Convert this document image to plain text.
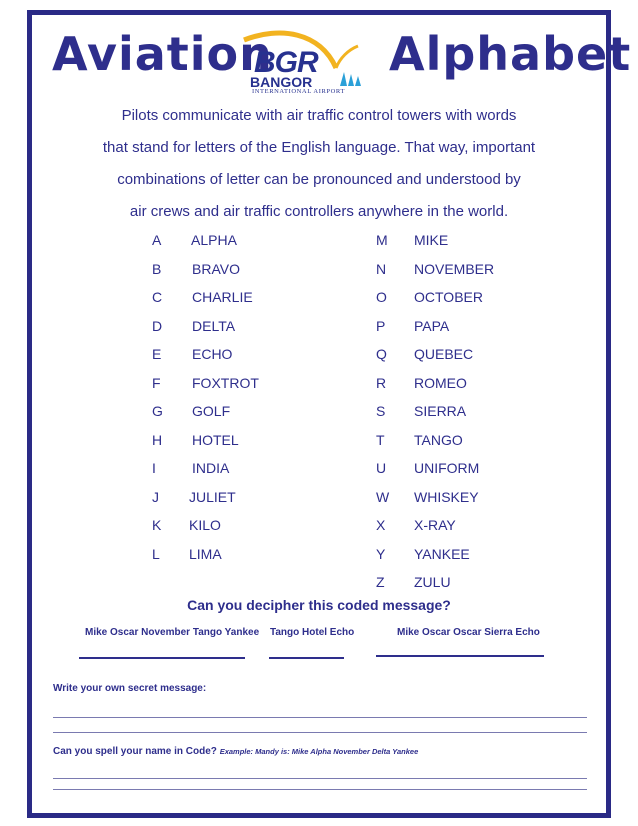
Aviation	Alphabet
BGR
BANGOR
INTERNATIONAL AIRPORT
Pilots communicate with air traffic control towers with words
that stand for letters of the English language. That way, important
combinations of letter can be pronounced and understood by
air crews and air traffic controllers anywhere in the world.
A ALPHA
B BRAVO
C CHARLIE
D DELTA
E ECHO
F FOXTROT
G GOLF
H HOTEL
I	INDIA
J JULIET
K KILO
L LIMA
M MIKE
N NOVEMBER
O OCTOBER
P PAPA
Q QUEBEC
R ROMEO
S SIERRA
T TANGO
U UNIFORM
W WHISKEY
X X-RAY
Y YANKEE
Z ZULU
Can you decipher this coded message?
Mike Oscar November Tango Yankee Tango Hotel Echo	Mike Oscar Oscar Sierra Echo
Write your own secret message:
Can you spell your name in Code? Example: Mandy is: Mike Alpha November Delta Yankee
